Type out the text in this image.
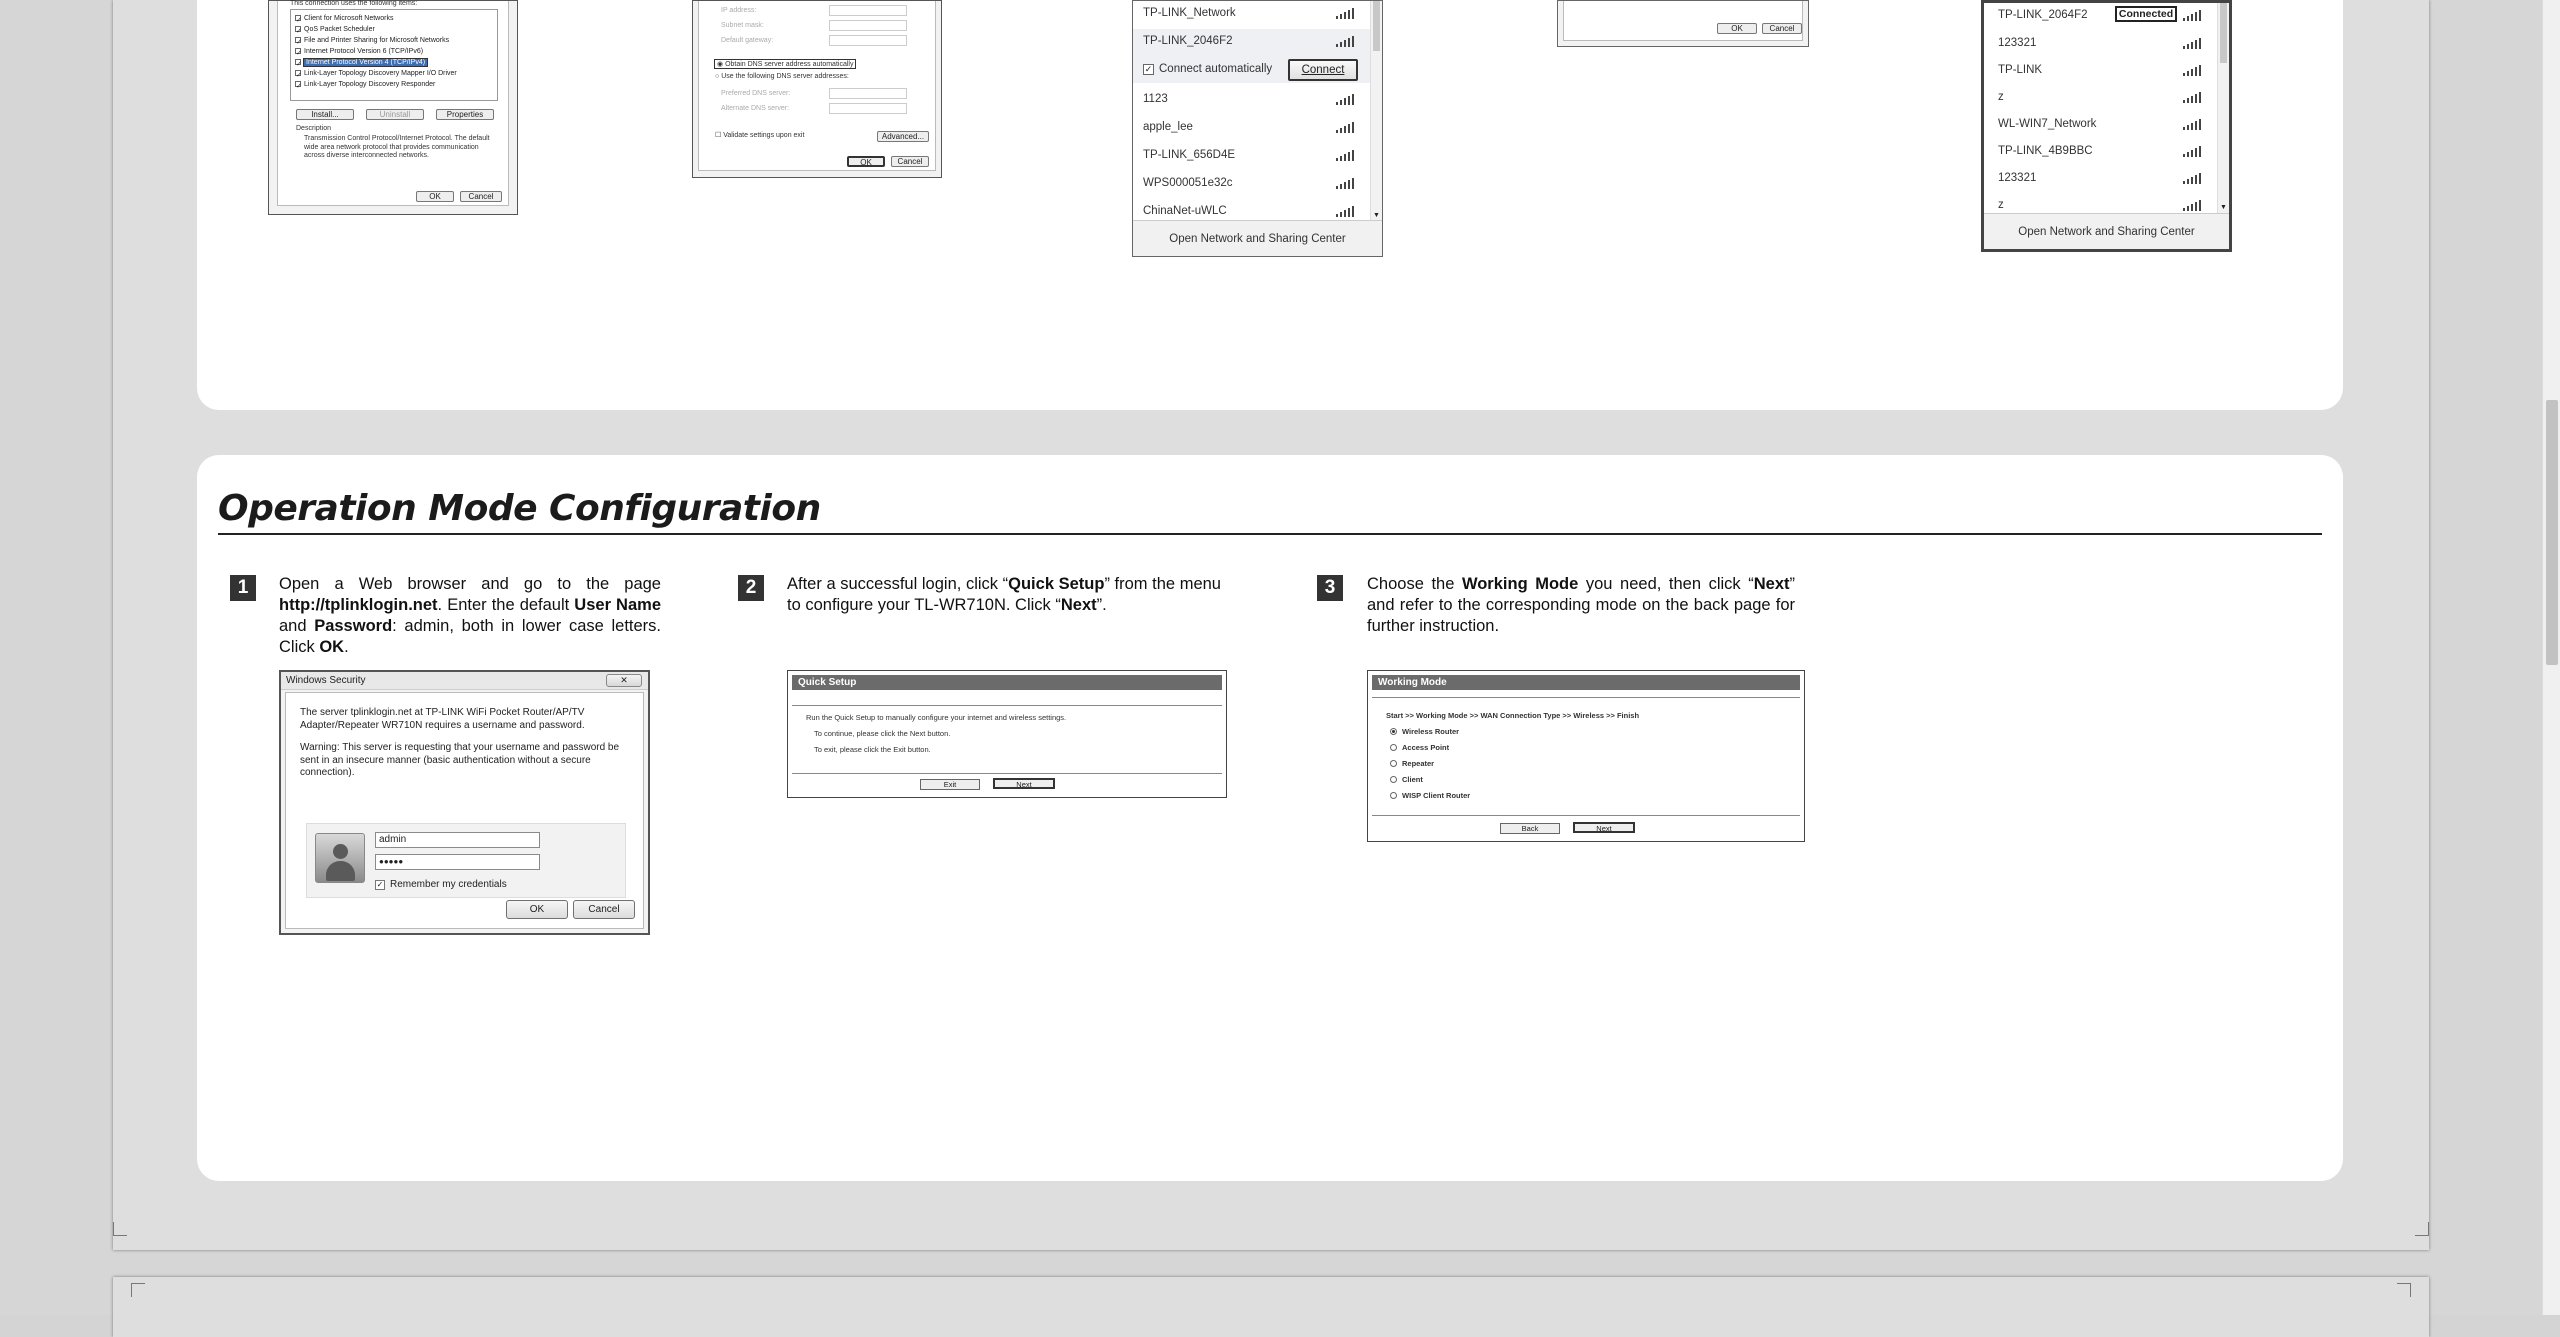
This connection uses the following items:
✓ Client for Microsoft Networks
✓ QoS Packet Scheduler
✓ File and Printer Sharing for Microsoft Networks
✓ Internet Protocol Version 6 (TCP/IPv6)
✓ Internet Protocol Version 4 (TCP/IPv4)
✓ Link-Layer Topology Discovery Mapper I/O Driver
✓ Link-Layer Topology Discovery Responder
Install...	Uninstall	Properties
Description
Transmission Control Protocol/Internet Protocol. The default wide area network protocol that provides communication across diverse interconnected networks.
OK	Cancel
IP address:
Subnet mask:
Default gateway:
◉ Obtain DNS server address automatically
○ Use the following DNS server addresses:
Preferred DNS server:
Alternate DNS server:
☐ Validate settings upon exit	Advanced...
OK	Cancel
TP-LINK_Network
TP-LINK_2046F2
✓ Connect automatically	Connect
1123
apple_lee
TP-LINK_656D4E
WPS000051e32c
ChinaNet-uWLC	▼
Open Network and Sharing Center
OK	Cancel
TP-LINK_2064F2	Connected
123321
TP-LINK
z
WL-WIN7_Network
TP-LINK_4B9BBC
123321
z	▼
Open Network and Sharing Center
Operation Mode Configuration
1	Open a Web browser and go to the page http://tplinklogin.net. Enter the default User Name and Password: admin, both in lower case letters. Click OK.
2	After a successful login, click “Quick Setup” from the menu to configure your TL-WR710N. Click “Next”.
3	Choose the Working Mode you need, then click “Next” and refer to the corresponding mode on the back page for further instruction.
Windows Security	✕
The server tplinklogin.net at TP-LINK WiFi Pocket Router/AP/TV Adapter/Repeater WR710N requires a username and password.
Warning: This server is requesting that your username and password be sent in an insecure manner (basic authentication without a secure connection).
admin
●●●●●
✓ Remember my credentials
OK	Cancel
Quick Setup
Run the Quick Setup to manually configure your internet and wireless settings.
To continue, please click the Next button.
To exit, please click the Exit button.
Exit	Next
Working Mode
Start >> Working Mode >> WAN Connection Type >> Wireless >> Finish
Wireless Router
Access Point
Repeater
Client
WISP Client Router
Back	Next
